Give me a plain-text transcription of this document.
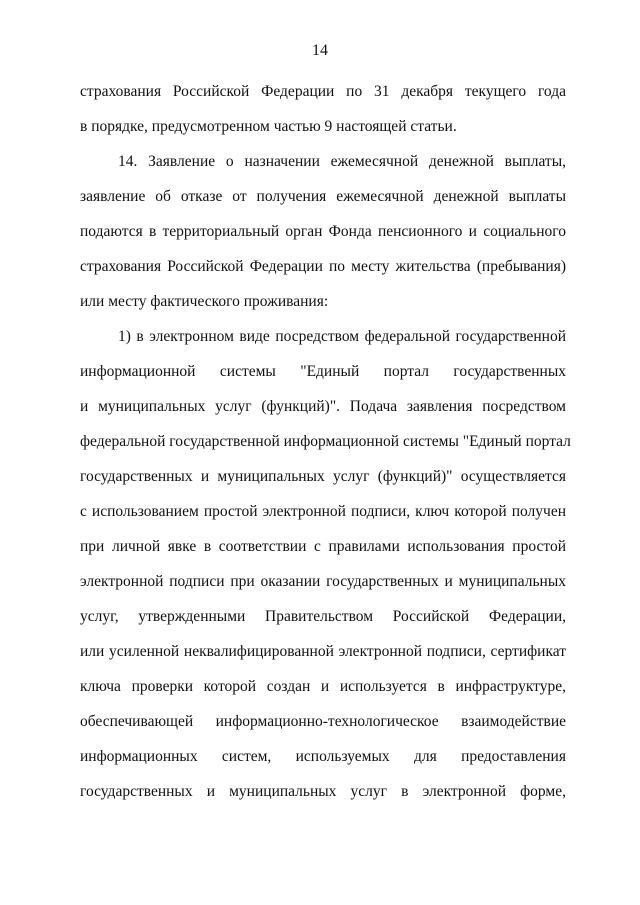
14
страхования Российской Федерации по 31 декабря текущего года
в порядке, предусмотренном частью 9 настоящей статьи.
14. Заявление о назначении ежемесячной денежной выплаты,
заявление об отказе от получения ежемесячной денежной выплаты
подаются в территориальный орган Фонда пенсионного и социального
страхования Российской Федерации по месту жительства (пребывания)
или месту фактического проживания:
1) в электронном виде посредством федеральной государственной
информационной системы "Единый портал государственных
и муниципальных услуг (функций)". Подача заявления посредством
федеральной государственной информационной системы "Единый портал
государственных и муниципальных услуг (функций)" осуществляется
с использованием простой электронной подписи, ключ которой получен
при личной явке в соответствии с правилами использования простой
электронной подписи при оказании государственных и муниципальных
услуг, утвержденными Правительством Российской Федерации,
или усиленной неквалифицированной электронной подписи, сертификат
ключа проверки которой создан и используется в инфраструктуре,
обеспечивающей информационно-технологическое взаимодействие
информационных систем, используемых для предоставления
государственных и муниципальных услуг в электронной форме,
